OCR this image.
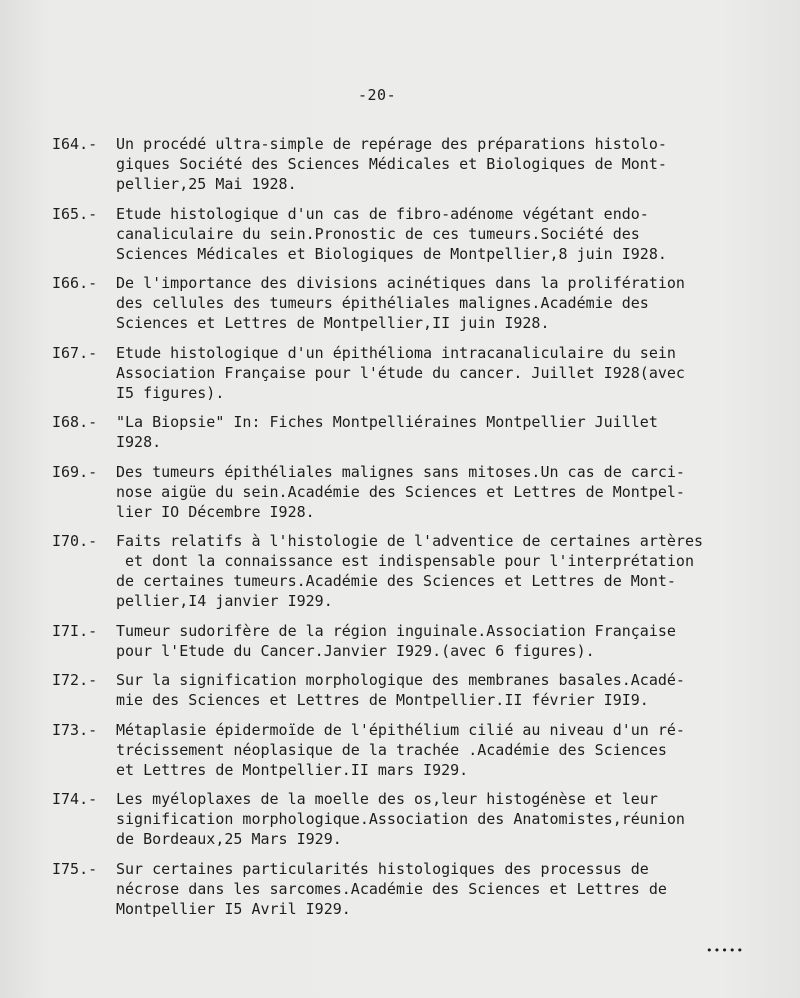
-20-
I64.-	Un procédé ultra-simple de repérage des préparations histolo-
giques Société des Sciences Médicales et Biologiques de Mont-
pellier,25 Mai 1928.
I65.-	Etude histologique d'un cas de fibro-adénome végétant endo-
canaliculaire du sein.Pronostic de ces tumeurs.Société des
Sciences Médicales et Biologiques de Montpellier,8 juin I928.
I66.-	De l'importance des divisions acinétiques dans la prolifération
des cellules des tumeurs épithéliales malignes.Académie des
Sciences et Lettres de Montpellier,II juin I928.
I67.-	Etude histologique d'un épithélioma intracanaliculaire du sein
Association Française pour l'étude du cancer. Juillet I928(avec
I5 figures).
I68.-	"La Biopsie" In: Fiches Montpelliéraines Montpellier Juillet
I928.
I69.-	Des tumeurs épithéliales malignes sans mitoses.Un cas de carci-
nose aigüe du sein.Académie des Sciences et Lettres de Montpel-
lier IO Décembre I928.
I70.-	Faits relatifs à l'histologie de l'adventice de certaines artères
et dont la connaissance est indispensable pour l'interprétation
de certaines tumeurs.Académie des Sciences et Lettres de Mont-
pellier,I4 janvier I929.
I7I.-	Tumeur sudorifère de la région inguinale.Association Française
pour l'Etude du Cancer.Janvier I929.(avec 6 figures).
I72.-	Sur la signification morphologique des membranes basales.Acadé-
mie des Sciences et Lettres de Montpellier.II février I9I9.
I73.-	Métaplasie épidermoïde de l'épithélium cilié au niveau d'un ré-
trécissement néoplasique de la trachée .Académie des Sciences
et Lettres de Montpellier.II mars I929.
I74.-	Les myéloplaxes de la moelle des os,leur histogénèse et leur
signification morphologique.Association des Anatomistes,réunion
de Bordeaux,25 Mars I929.
I75.-	Sur certaines particularités histologiques des processus de
nécrose dans les sarcomes.Académie des Sciences et Lettres de
Montpellier I5 Avril I929.
•••••
